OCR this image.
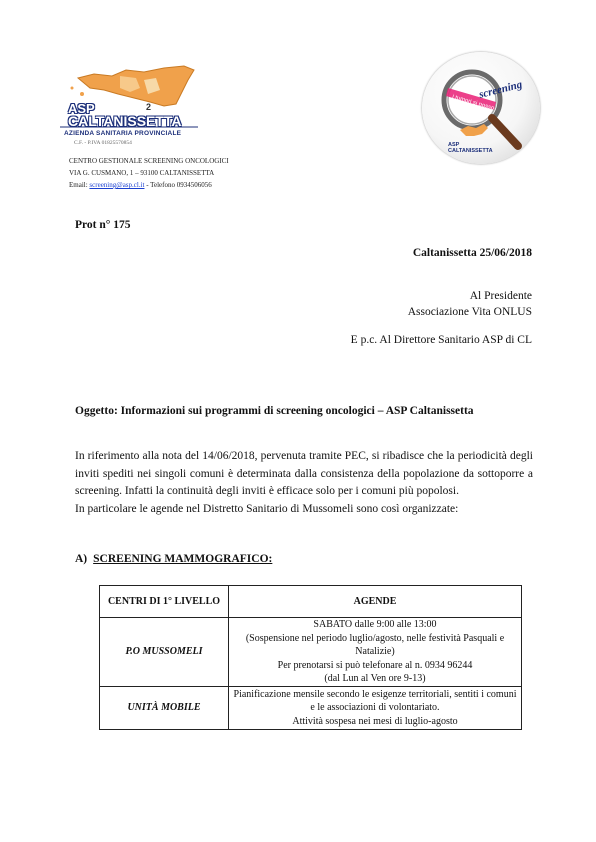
2
ASP
CALTANISSETTA
AZIENDA SANITARIA PROVINCIALE
C.F. - P.IVA 01825570854
CENTRO GESTIONALE SCREENING ONCOLOGICI
VIA G. CUSMANO, 1 – 93100 CALTANISSETTA
Email: screening@asp.cl.it - Telefono 0934506056
i tumori si posso
screening
ASP
CALTANISSETTA
Prot n° 175
Caltanissetta 25/06/2018
Al Presidente
Associazione Vita ONLUS
E p.c. Al Direttore Sanitario ASP di CL
Oggetto: Informazioni sui programmi di screening oncologici – ASP Caltanissetta

In riferimento alla nota del 14/06/2018, pervenuta tramite PEC, si ribadisce che la periodicità degli inviti spediti nei singoli comuni è determinata dalla consistenza della popolazione da sottoporre a screening. Infatti la continuità degli inviti è efficace solo per i comuni più popolosi.

In particolare le agende nel Distretto Sanitario di Mussomeli sono così organizzate:

A) SCREENING MAMMOGRAFICO:
CENTRI DI 1° LIVELLO	AGENDE
P.O MUSSOMELI	SABATO dalle 9:00 alle 13:00
(Sospensione nel periodo luglio/agosto, nelle festività Pasquali e Natalizie)
Per prenotarsi si può telefonare al n. 0934 96244
(dal Lun al Ven ore 9-13)

UNITÀ MOBILE	Pianificazione mensile secondo le esigenze territoriali, sentiti i comuni e le associazioni di volontariato.
Attività sospesa nei mesi di luglio-agosto
